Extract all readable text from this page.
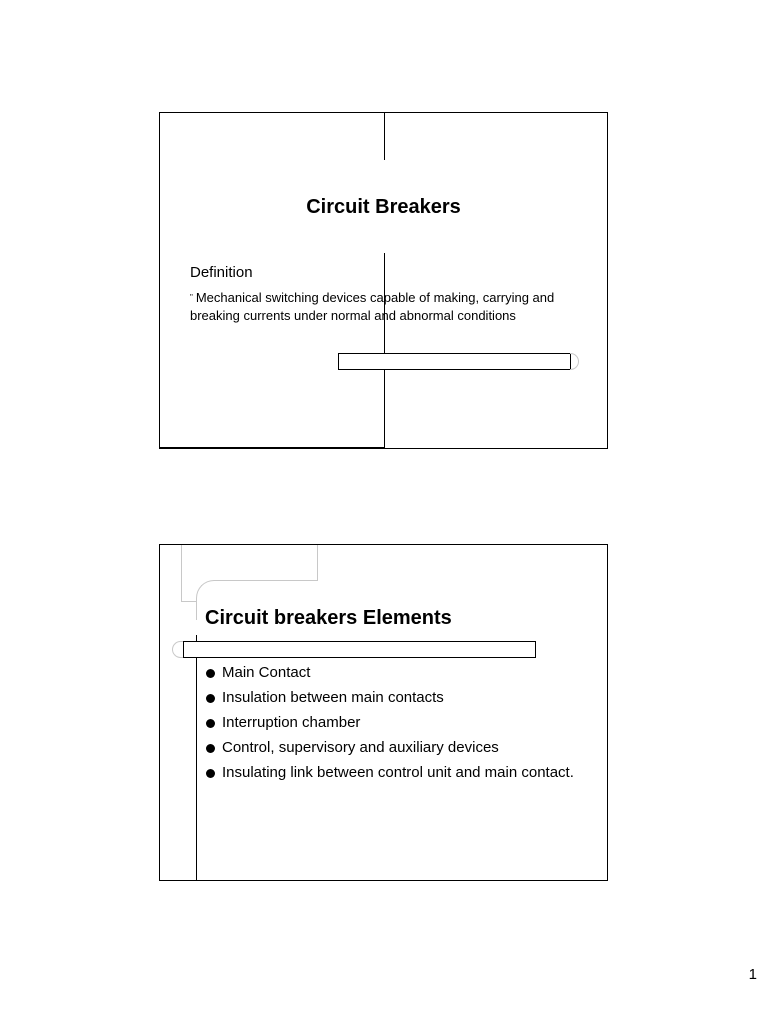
Circuit Breakers
Definition
" Mechanical switching devices capable of making, carrying and breaking currents under normal and abnormal conditions
Circuit breakers Elements
Main Contact
Insulation between main contacts
Interruption chamber
Control, supervisory and auxiliary devices
Insulating link between control unit and main contact.
1
